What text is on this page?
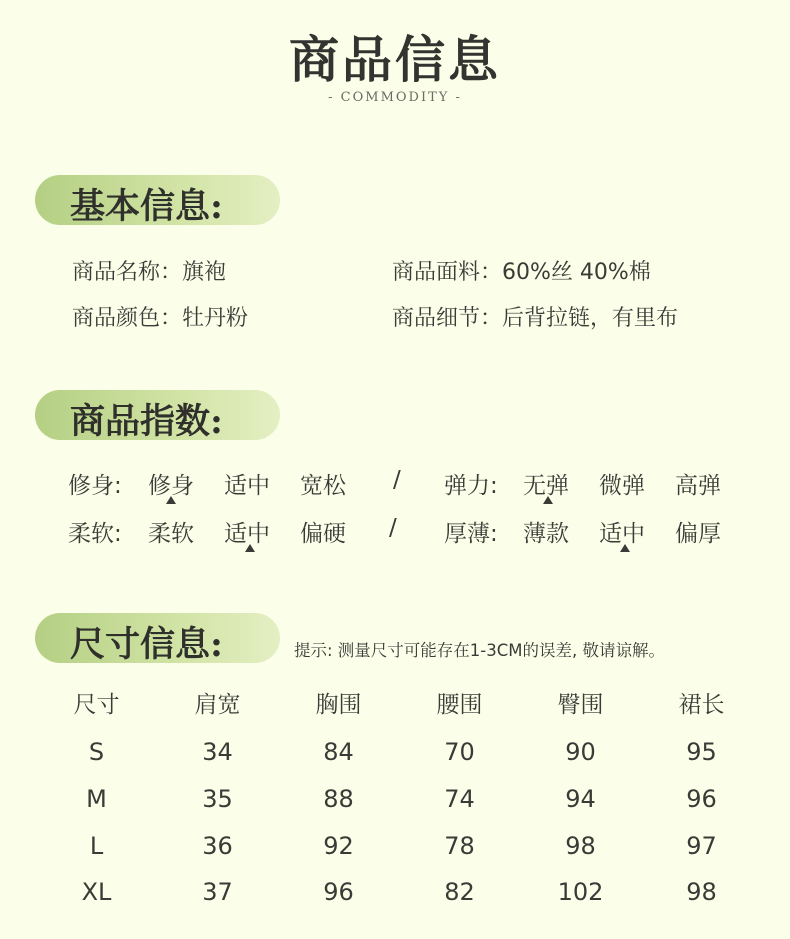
商品信息
- COMMODITY -
基本信息:
商品名称：旗袍	商品面料：60%丝 40%棉
商品颜色：牡丹粉	商品细节：后背拉链，有里布
商品指数:
修身: 修身 适中 宽松 / 弹力: 无弹 微弹 高弹
柔软: 柔软 适中 偏硬 / 厚薄: 薄款 适中 偏厚
尺寸信息:	提示: 测量尺寸可能存在1-3CM的误差, 敬请谅解。
尺寸	肩宽	胸围	腰围	臀围	裙长
S	34	84	70	90	95
M	35	88	74	94	96
L	36	92	78	98	97
XL	37	96	82	102	98
